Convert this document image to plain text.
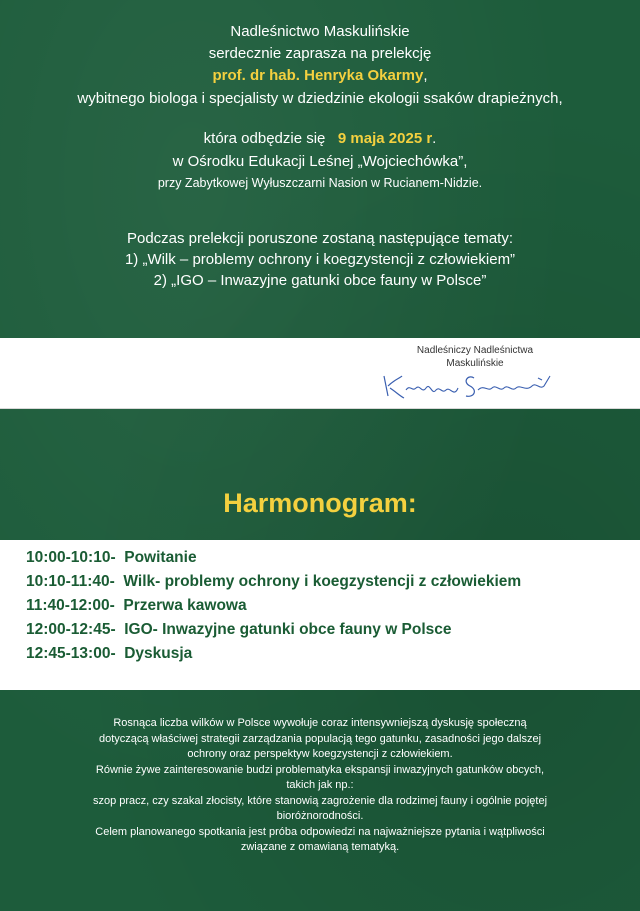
Nadleśnictwo Maskulińskie
serdecznie zaprasza na prelekcję
prof. dr hab. Henryka Okarmy,
wybitnego biologa i specjalisty w dziedzinie ekologii ssaków drapieżnych,
która odbędzie się 9 maja 2025 r.
w Ośrodku Edukacji Leśnej „Wojciechówka”,
przy Zabytkowej Wyłuszczarni Nasion w Rucianem-Nidzie.
Podczas prelekcji poruszone zostaną następujące tematy:
1) „Wilk – problemy ochrony i koegzystencji z człowiekiem”
2) „IGO – Inwazyjne gatunki obce fauny w Polsce”
Nadleśniczy Nadleśnictwa
Maskulińskie
Harmonogram:
10:00-10:10- Powitanie
10:10-11:40- Wilk- problemy ochrony i koegzystencji z człowiekiem
11:40-12:00- Przerwa kawowa
12:00-12:45- IGO- Inwazyjne gatunki obce fauny w Polsce
12:45-13:00- Dyskusja
Rosnąca liczba wilków w Polsce wywołuje coraz intensywniejszą dyskusję społeczną
dotyczącą właściwej strategii zarządzania populacją tego gatunku, zasadności jego dalszej
ochrony oraz perspektyw koegzystencji z człowiekiem.
Równie żywe zainteresowanie budzi problematyka ekspansji inwazyjnych gatunków obcych,
takich jak np.:
szop pracz, czy szakal złocisty, które stanowią zagrożenie dla rodzimej fauny i ogólnie pojętej
bioróżnorodności.
Celem planowanego spotkania jest próba odpowiedzi na najważniejsze pytania i wątpliwości
związane z omawianą tematyką.
